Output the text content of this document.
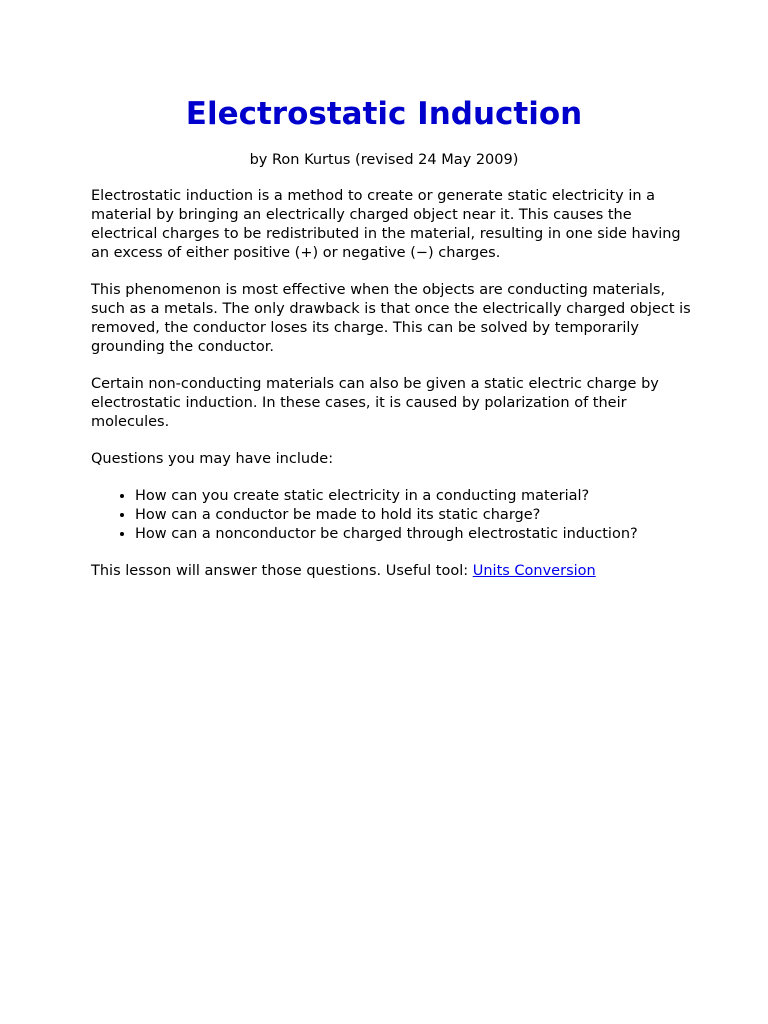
Electrostatic Induction

by Ron Kurtus (revised 24 May 2009)

Electrostatic induction is a method to create or generate static electricity in a material by bringing an electrically charged object near it. This causes the electrical charges to be redistributed in the material, resulting in one side having an excess of either positive (+) or negative (−) charges.

This phenomenon is most effective when the objects are conducting materials, such as a metals. The only drawback is that once the electrically charged object is removed, the conductor loses its charge. This can be solved by temporarily grounding the conductor.

Certain non-conducting materials can also be given a static electric charge by electrostatic induction. In these cases, it is caused by polarization of their molecules.

Questions you may have include:

• How can you create static electricity in a conducting material?
• How can a conductor be made to hold its static charge?
• How can a nonconductor be charged through electrostatic induction?

This lesson will answer those questions. Useful tool: Units Conversion
